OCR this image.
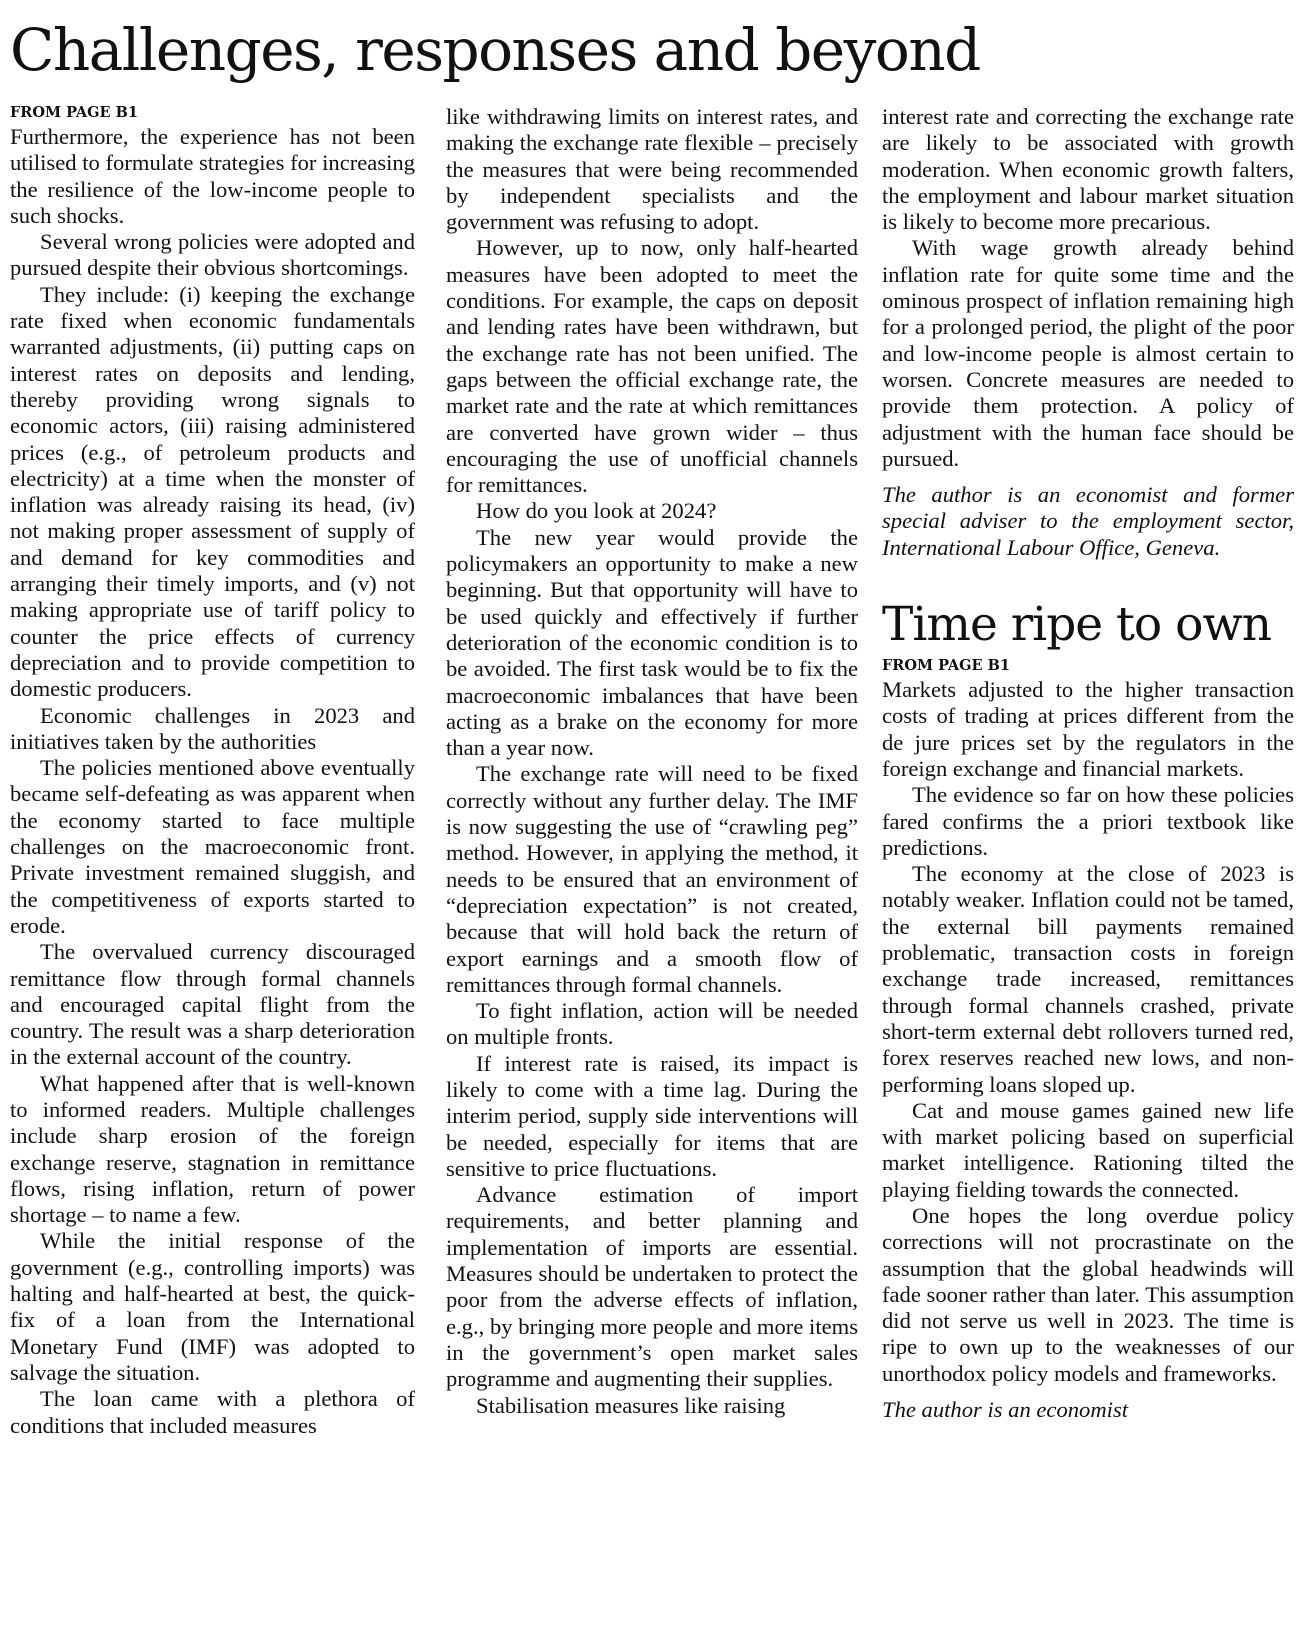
Challenges, responses and beyond
FROM PAGE B1

Furthermore, the experience has not been utilised to formulate strategies for increasing the resilience of the low-income people to such shocks.

Several wrong policies were adopted and pursued despite their obvious shortcomings.

They include: (i) keeping the exchange rate fixed when economic fundamentals warranted adjustments, (ii) putting caps on interest rates on deposits and lending, thereby providing wrong signals to economic actors, (iii) raising administered prices (e.g., of petroleum products and electricity) at a time when the monster of inflation was already raising its head, (iv) not making proper assessment of supply of and demand for key commodities and arranging their timely imports, and (v) not making appropriate use of tariff policy to counter the price effects of currency depreciation and to provide competition to domestic producers.

Economic challenges in 2023 and initiatives taken by the authorities

The policies mentioned above eventually became self-defeating as was apparent when the economy started to face multiple challenges on the macroeconomic front. Private investment remained sluggish, and the competitiveness of exports started to erode.

The overvalued currency discouraged remittance flow through formal channels and encouraged capital flight from the country. The result was a sharp deterioration in the external account of the country.

What happened after that is well-known to informed readers. Multiple challenges include sharp erosion of the foreign exchange reserve, stagnation in remittance flows, rising inflation, return of power shortage – to name a few.

While the initial response of the government (e.g., controlling imports) was halting and half-hearted at best, the quick-fix of a loan from the International Monetary Fund (IMF) was adopted to salvage the situation.

The loan came with a plethora of conditions that included measures

like withdrawing limits on interest rates, and making the exchange rate flexible – precisely the measures that were being recommended by independent specialists and the government was refusing to adopt.

However, up to now, only half-hearted measures have been adopted to meet the conditions. For example, the caps on deposit and lending rates have been withdrawn, but the exchange rate has not been unified. The gaps between the official exchange rate, the market rate and the rate at which remittances are converted have grown wider – thus encouraging the use of unofficial channels for remittances.

How do you look at 2024?

The new year would provide the policymakers an opportunity to make a new beginning. But that opportunity will have to be used quickly and effectively if further deterioration of the economic condition is to be avoided. The first task would be to fix the macroeconomic imbalances that have been acting as a brake on the economy for more than a year now.

The exchange rate will need to be fixed correctly without any further delay. The IMF is now suggesting the use of “crawling peg” method. However, in applying the method, it needs to be ensured that an environment of “depreciation expectation” is not created, because that will hold back the return of export earnings and a smooth flow of remittances through formal channels.

To fight inflation, action will be needed on multiple fronts.

If interest rate is raised, its impact is likely to come with a time lag. During the interim period, supply side interventions will be needed, especially for items that are sensitive to price fluctuations.

Advance estimation of import requirements, and better planning and implementation of imports are essential. Measures should be undertaken to protect the poor from the adverse effects of inflation, e.g., by bringing more people and more items in the government’s open market sales programme and augmenting their supplies.

Stabilisation measures like raising

interest rate and correcting the exchange rate are likely to be associated with growth moderation. When economic growth falters, the employment and labour market situation is likely to become more precarious.

With wage growth already behind inflation rate for quite some time and the ominous prospect of inflation remaining high for a prolonged period, the plight of the poor and low-income people is almost certain to worsen. Concrete measures are needed to provide them protection. A policy of adjustment with the human face should be pursued.

The author is an economist and former special adviser to the employment sector, International Labour Office, Geneva.

Time ripe to own
FROM PAGE B1

Markets adjusted to the higher transaction costs of trading at prices different from the de jure prices set by the regulators in the foreign exchange and financial markets.

The evidence so far on how these policies fared confirms the a priori textbook like predictions.

The economy at the close of 2023 is notably weaker. Inflation could not be tamed, the external bill payments remained problematic, transaction costs in foreign exchange trade increased, remittances through formal channels crashed, private short-term external debt rollovers turned red, forex reserves reached new lows, and non-performing loans sloped up.

Cat and mouse games gained new life with market policing based on superficial market intelligence. Rationing tilted the playing fielding towards the connected.

One hopes the long overdue policy corrections will not procrastinate on the assumption that the global headwinds will fade sooner rather than later. This assumption did not serve us well in 2023. The time is ripe to own up to the weaknesses of our unorthodox policy models and frameworks.

The author is an economist
